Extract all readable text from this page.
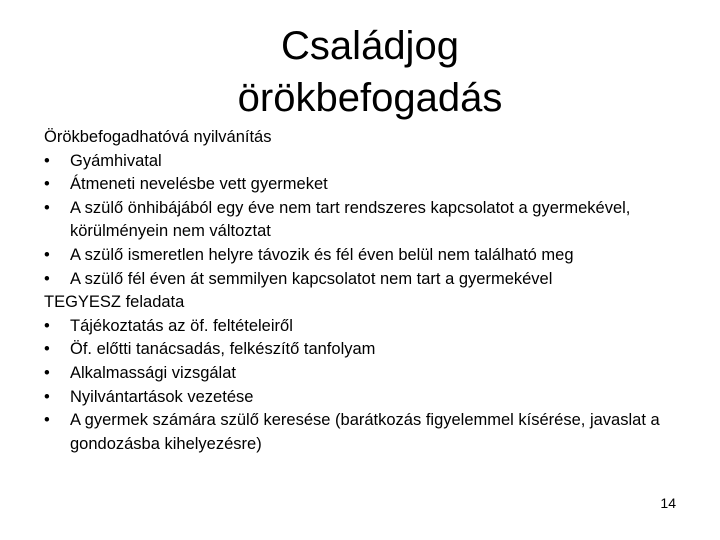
Családjog
örökbefogadás
Örökbefogadhatóvá nyilvánítás
•	Gyámhivatal
•	Átmeneti nevelésbe vett gyermeket
•	A szülő önhibájából egy éve nem tart rendszeres kapcsolatot a gyermekével, körülményein nem változtat
•	A szülő ismeretlen helyre távozik és fél éven belül nem található meg
•	A szülő fél éven át semmilyen kapcsolatot nem tart a gyermekével
TEGYESZ feladata
•	Tájékoztatás az öf. feltételeiről
•	Öf. előtti tanácsadás, felkészítő tanfolyam
•	Alkalmassági vizsgálat
•	Nyilvántartások vezetése
•	A gyermek számára szülő keresése (barátkozás figyelemmel kísérése, javaslat a gondozásba kihelyezésre)
14
